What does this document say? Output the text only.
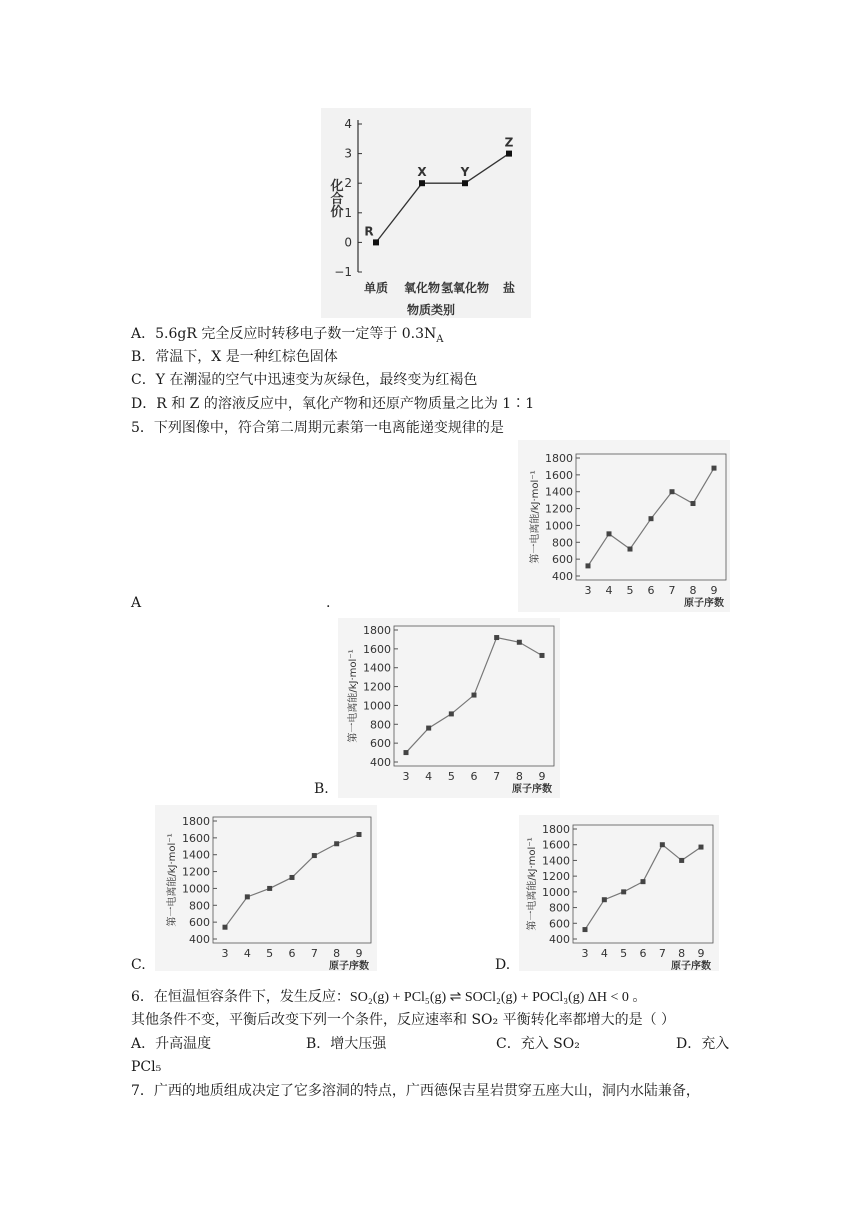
4
3
2
1
0
−1
单质 氧化物 氢氧化物 盐
物质类别
化合价
R
X	Y
Z
A．5.6gR 完全反应时转移电子数一定等于 $0.3N_A$
B．常温下，X 是一种红棕色固体
C．Y 在潮湿的空气中迅速变为灰绿色，最终变为红褐色
D．R 和 Z 的溶液反应中，氧化产物和还原产物质量之比为 1∶1
5．下列图像中，符合第二周期元素第一电离能递变规律的是
1800
1600
1400
1200
1000
800
600
400
3 4 5 6 7 8 9
原子序数
第一电离能/kJ·mol⁻¹
A	.
1800
1600
1400
1200
1000
800
600
400
3 4 5 6 7 8 9
原子序数
第一电离能/kJ·mol⁻¹
B.
1800
1600
1400
1200
1000
800
600
400
3 4 5 6 7 8 9
原子序数
第一电离能/kJ·mol⁻¹
C.
1800
1600
1400
1200
1000
800
600
400
3 4 5 6 7 8 9
原子序数
第一电离能/kJ·mol⁻¹
D.
6．在恒温恒容条件下，发生反应：SO₂(g) + PCl₅(g) ⇌ SOCl₂(g) + POCl₃(g) ΔH < 0 。
其他条件不变，平衡后改变下列一个条件，反应速率和 SO₂ 平衡转化率都增大的是（ ）
A．升高温度	B．增大压强	C．充入 SO₂	D．充入
PCl₅
7．广西的地质组成决定了它多溶洞的特点，广西德保吉星岩贯穿五座大山，洞内水陆兼备，
